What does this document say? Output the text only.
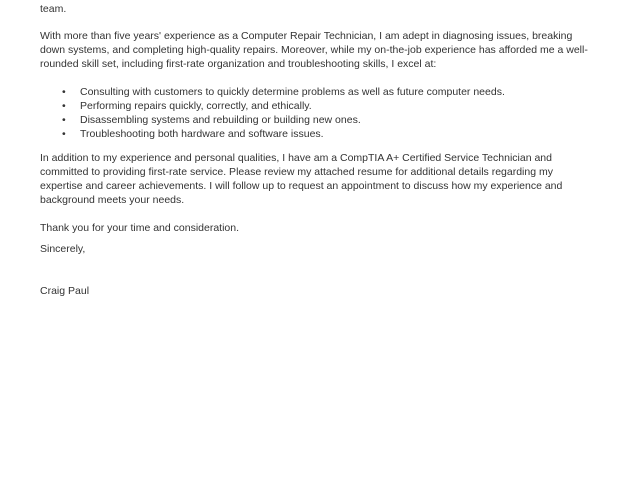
team.
With more than five years' experience as a Computer Repair Technician, I am adept in diagnosing issues, breaking
down systems, and completing high-quality repairs. Moreover, while my on-the-job experience has afforded me a well-
rounded skill set, including first-rate organization and troubleshooting skills, I excel at:
• Consulting with customers to quickly determine problems as well as future computer needs.
• Performing repairs quickly, correctly, and ethically.
• Disassembling systems and rebuilding or building new ones.
• Troubleshooting both hardware and software issues.
In addition to my experience and personal qualities, I have am a CompTIA A+ Certified Service Technician and
committed to providing first-rate service. Please review my attached resume for additional details regarding my
expertise and career achievements. I will follow up to request an appointment to discuss how my experience and
background meets your needs.
Thank you for your time and consideration.
Sincerely,
Craig Paul
